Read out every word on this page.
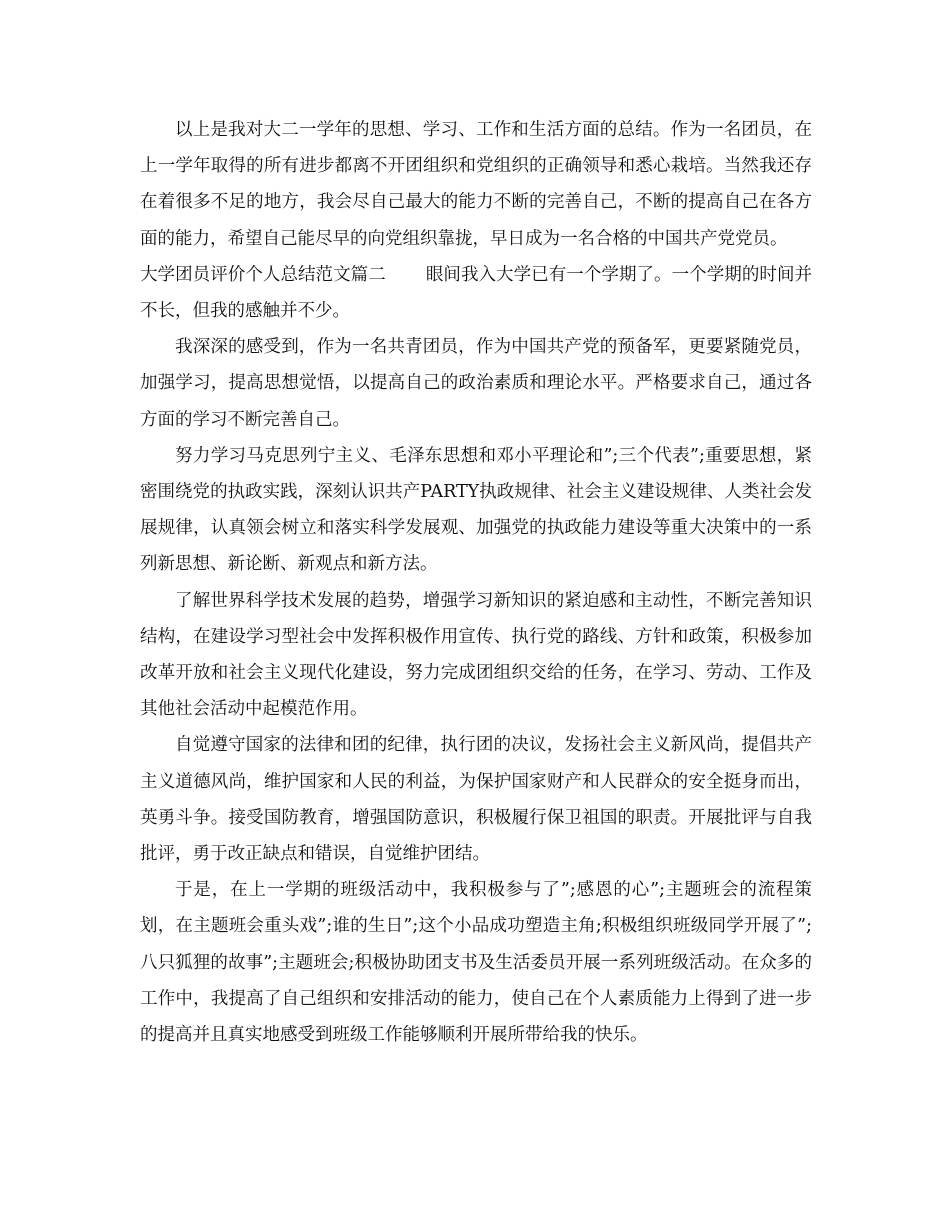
以上是我对大二一学年的思想、学习、工作和生活方面的总结。作为一名团员，在上一学年取得的所有进步都离不开团组织和党组织的正确领导和悉心栽培。当然我还存在着很多不足的地方，我会尽自己最大的能力不断的完善自己，不断的提高自己在各方面的能力，希望自己能尽早的向党组织靠拢，早日成为一名合格的中国共产党党员。

大学团员评价个人总结范文篇二 眼间我入大学已有一个学期了。一个学期的时间并不长，但我的感触并不少。

我深深的感受到，作为一名共青团员，作为中国共产党的预备军，更要紧随党员，加强学习，提高思想觉悟，以提高自己的政治素质和理论水平。严格要求自己，通过各方面的学习不断完善自己。

努力学习马克思列宁主义、毛泽东思想和邓小平理论和”;三个代表”;重要思想，紧密围绕党的执政实践，深刻认识共产PARTY执政规律、社会主义建设规律、人类社会发展规律，认真领会树立和落实科学发展观、加强党的执政能力建设等重大决策中的一系列新思想、新论断、新观点和新方法。

了解世界科学技术发展的趋势，增强学习新知识的紧迫感和主动性，不断完善知识结构，在建设学习型社会中发挥积极作用宣传、执行党的路线、方针和政策，积极参加改革开放和社会主义现代化建设，努力完成团组织交给的任务，在学习、劳动、工作及其他社会活动中起模范作用。

自觉遵守国家的法律和团的纪律，执行团的决议，发扬社会主义新风尚，提倡共产主义道德风尚，维护国家和人民的利益，为保护国家财产和人民群众的安全挺身而出，英勇斗争。接受国防教育，增强国防意识，积极履行保卫祖国的职责。开展批评与自我批评，勇于改正缺点和错误，自觉维护团结。

于是，在上一学期的班级活动中，我积极参与了”;感恩的心”;主题班会的流程策划，在主题班会重头戏”;谁的生日”;这个小品成功塑造主角;积极组织班级同学开展了”;八只狐狸的故事”;主题班会;积极协助团支书及生活委员开展一系列班级活动。在众多的工作中，我提高了自己组织和安排活动的能力，使自己在个人素质能力上得到了进一步的提高并且真实地感受到班级工作能够顺利开展所带给我的快乐。
